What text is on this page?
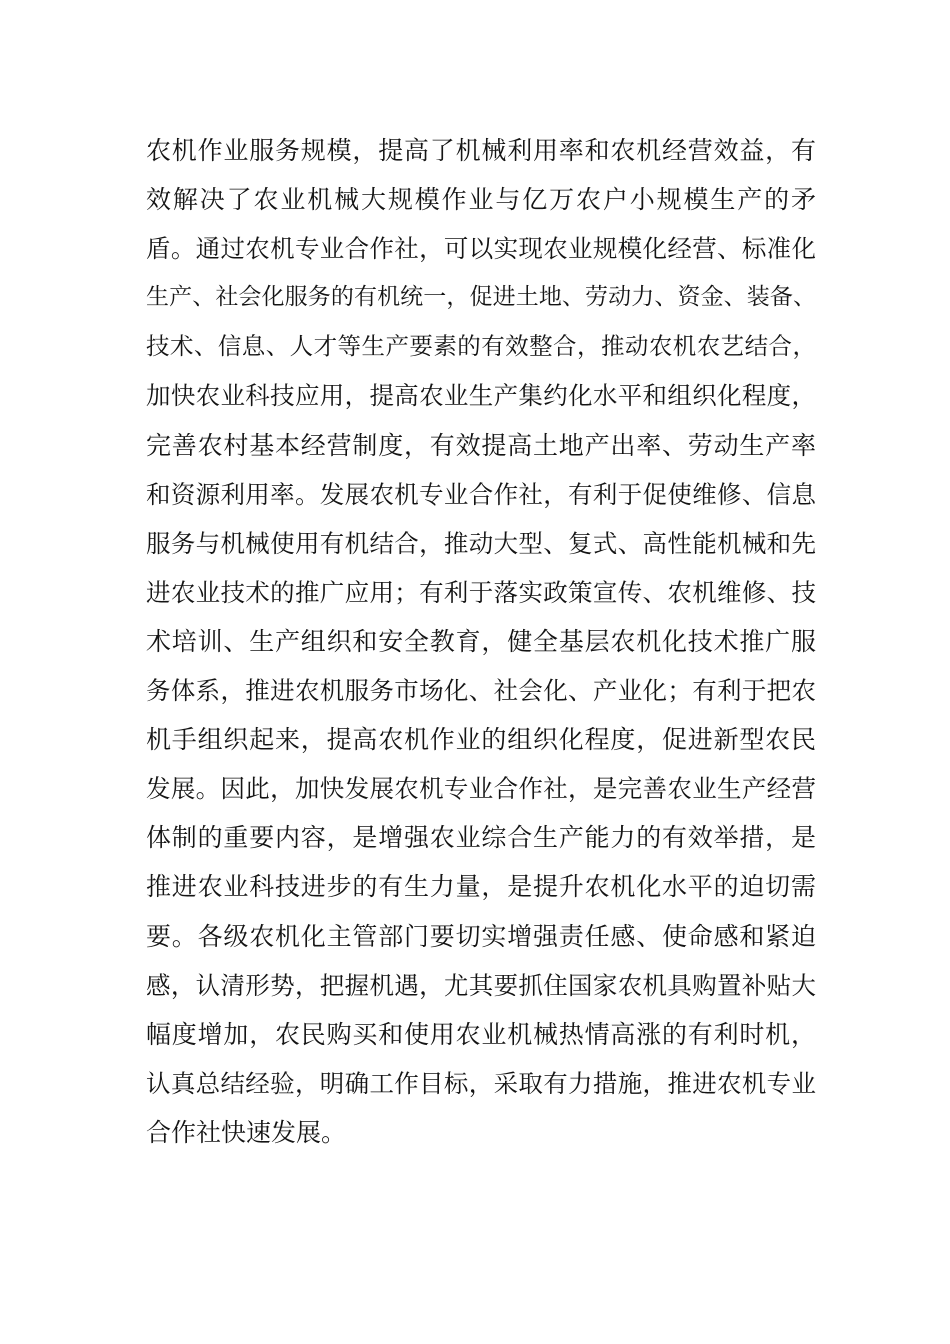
农机作业服务规模，提高了机械利用率和农机经营效益，有
效解决了农业机械大规模作业与亿万农户小规模生产的矛
盾。通过农机专业合作社，可以实现农业规模化经营、标准化
生产、社会化服务的有机统一，促进土地、劳动力、资金、装备、
技术、信息、人才等生产要素的有效整合，推动农机农艺结合，
加快农业科技应用，提高农业生产集约化水平和组织化程度，
完善农村基本经营制度，有效提高土地产出率、劳动生产率
和资源利用率。发展农机专业合作社，有利于促使维修、信息
服务与机械使用有机结合，推动大型、复式、高性能机械和先
进农业技术的推广应用；有利于落实政策宣传、农机维修、技
术培训、生产组织和安全教育，健全基层农机化技术推广服
务体系，推进农机服务市场化、社会化、产业化；有利于把农
机手组织起来，提高农机作业的组织化程度，促进新型农民
发展。因此，加快发展农机专业合作社，是完善农业生产经营
体制的重要内容，是增强农业综合生产能力的有效举措，是
推进农业科技进步的有生力量，是提升农机化水平的迫切需
要。各级农机化主管部门要切实增强责任感、使命感和紧迫
感，认清形势，把握机遇，尤其要抓住国家农机具购置补贴大
幅度增加，农民购买和使用农业机械热情高涨的有利时机，
认真总结经验，明确工作目标，采取有力措施，推进农机专业
合作社快速发展。
